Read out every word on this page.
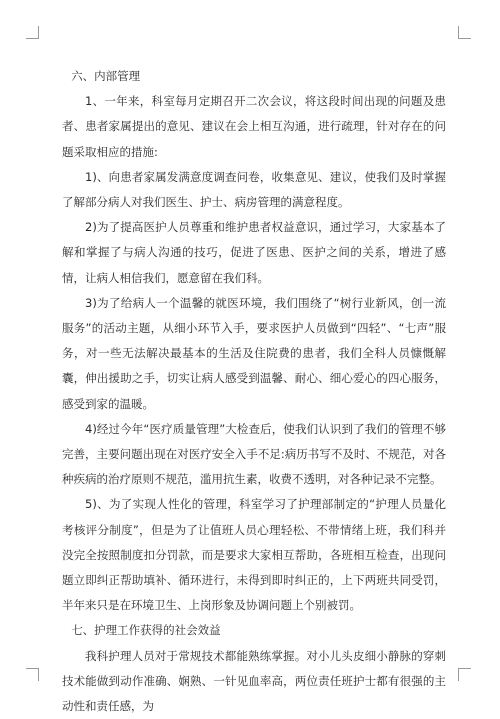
六、内部管理

1、一年来，科室每月定期召开二次会议，将这段时间出现的问题及患者、患者家属提出的意见、建议在会上相互沟通，进行疏理，针对存在的问题采取相应的措施:

1)、向患者家属发满意度调查问卷，收集意见、建议，使我们及时掌握了解部分病人对我们医生、护士、病房管理的满意程度。

2)为了提高医护人员尊重和维护患者权益意识，通过学习，大家基本了解和掌握了与病人沟通的技巧，促进了医患、医护之间的关系，增进了感情，让病人相信我们，愿意留在我们科。

3)为了给病人一个温馨的就医环境，我们围绕了“树行业新风，创一流服务”的活动主题，从细小环节入手，要求医护人员做到“四轻”、“七声”服务，对一些无法解决最基本的生活及住院费的患者，我们全科人员慷慨解囊，伸出援助之手，切实让病人感受到温馨、耐心、细心爱心的四心服务，感受到家的温暖。

4)经过今年“医疗质量管理”大检查后，使我们认识到了我们的管理不够完善，主要问题出现在对医疗安全入手不足:病历书写不及时、不规范，对各种疾病的治疗原则不规范，滥用抗生素，收费不透明，对各种记录不完整。

5)、为了实现人性化的管理，科室学习了护理部制定的“护理人员量化考核评分制度”，但是为了让值班人员心理轻松、不带情绪上班，我们科并没完全按照制度扣分罚款，而是要求大家相互帮助，各班相互检查，出现问题立即纠正帮助填补、循环进行，未得到即时纠正的，上下两班共同受罚，半年来只是在环境卫生、上岗形象及协调问题上个别被罚。

七、护理工作获得的社会效益

我科护理人员对于常规技术都能熟练掌握。对小儿头皮细小静脉的穿刺技术能做到动作准确、娴熟、一针见血率高，两位责任班护士都有很强的主动性和责任感，为
